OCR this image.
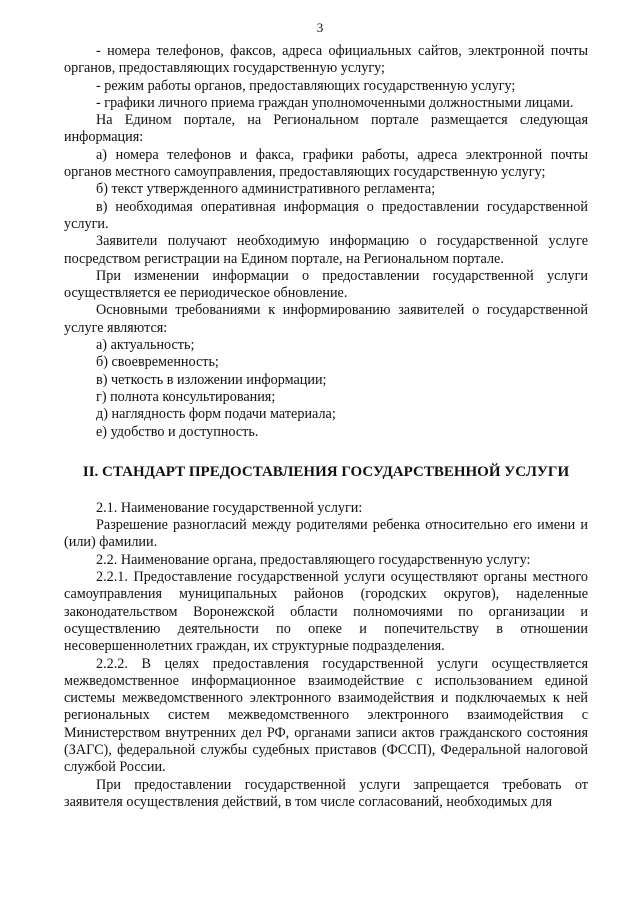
3

- номера телефонов, факсов, адреса официальных сайтов, электронной почты органов, предоставляющих государственную услугу;

- режим работы органов, предоставляющих государственную услугу;

- графики личного приема граждан уполномоченными должностными лицами.

На Едином портале, на Региональном портале размещается следующая информация:

а) номера телефонов и факса, графики работы, адреса электронной почты органов местного самоуправления, предоставляющих государственную услугу;

б) текст утвержденного административного регламента;

в) необходимая оперативная информация о предоставлении государственной услуги.

Заявители получают необходимую информацию о государственной услуге посредством регистрации на Едином портале, на Региональном портале.

При изменении информации о предоставлении государственной услуги осуществляется ее периодическое обновление.

Основными требованиями к информированию заявителей о государственной услуге являются:

а) актуальность;

б) своевременность;

в) четкость в изложении информации;

г) полнота консультирования;

д) наглядность форм подачи материала;

е) удобство и доступность.

II. СТАНДАРТ ПРЕДОСТАВЛЕНИЯ ГОСУДАРСТВЕННОЙ УСЛУГИ

2.1. Наименование государственной услуги:

Разрешение разногласий между родителями ребенка относительно его имени и (или) фамилии.

2.2. Наименование органа, предоставляющего государственную услугу:

2.2.1. Предоставление государственной услуги осуществляют органы местного самоуправления муниципальных районов (городских округов), наделенные законодательством Воронежской области полномочиями по организации и осуществлению деятельности по опеке и попечительству в отношении несовершеннолетних граждан, их структурные подразделения.

2.2.2. В целях предоставления государственной услуги осуществляется межведомственное информационное взаимодействие с использованием единой системы межведомственного электронного взаимодействия и подключаемых к ней региональных систем межведомственного электронного взаимодействия с Министерством внутренних дел РФ, органами записи актов гражданского состояния (ЗАГС), федеральной службы судебных приставов (ФССП), Федеральной налоговой службой России.

При предоставлении государственной услуги запрещается требовать от заявителя осуществления действий, в том числе согласований, необходимых для
